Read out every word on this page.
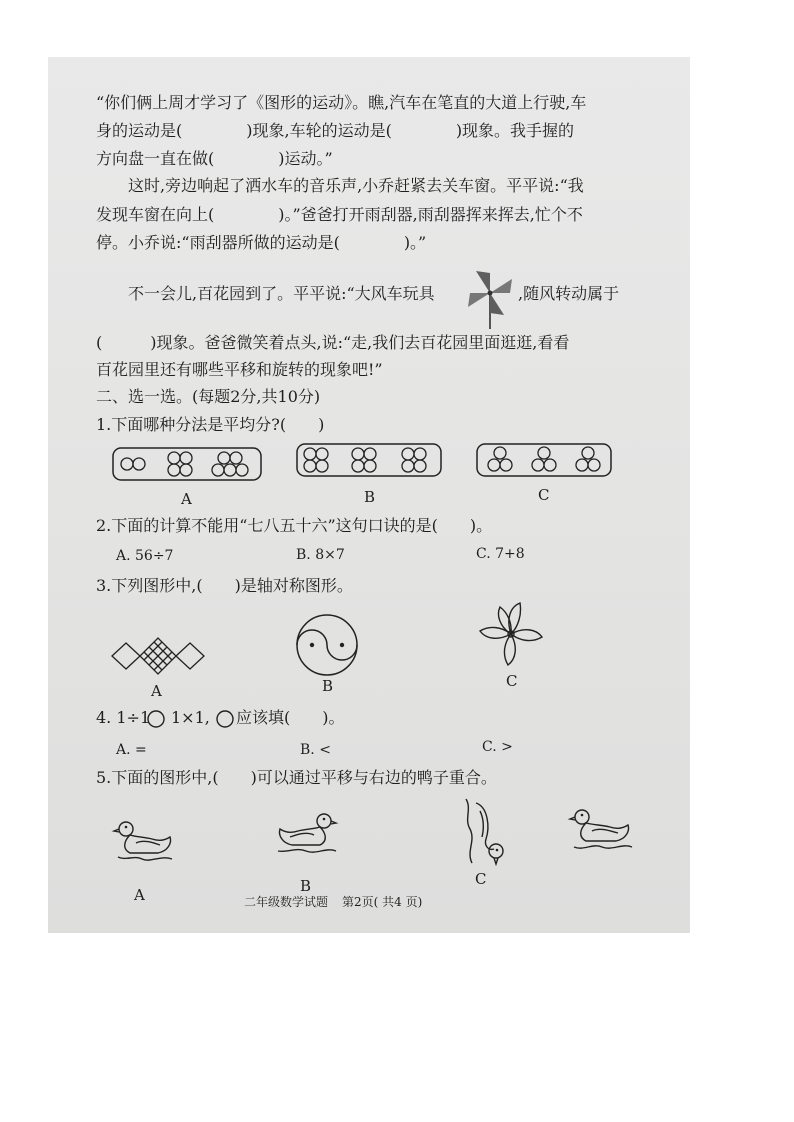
“你们俩上周才学习了《图形的运动》。瞧,汽车在笔直的大道上行驶,车
身的运动是(　　　　)现象,车轮的运动是(　　　　)现象。我手握的
方向盘一直在做(　　　　)运动。”
　　这时,旁边响起了洒水车的音乐声,小乔赶紧去关车窗。平平说:“我
发现车窗在向上(　　　　)。”爸爸打开雨刮器,雨刮器挥来挥去,忙个不
停。小乔说:“雨刮器所做的运动是(　　　　)。”
　　不一会儿,百花园到了。平平说:“大风车玩具	,随风转动属于
(　　　)现象。爸爸微笑着点头,说:“走,我们去百花园里面逛逛,看看
百花园里还有哪些平移和旋转的现象吧!”
二、选一选。(每题2分,共10分)
1.下面哪种分法是平均分?(　　)
A	B	C
2.下面的计算不能用“七八五十六”这句口诀的是(　　)。
A. 56÷7	B. 8×7	C. 7+8
3.下列图形中,(　　)是轴对称图形。
A	B	C
4. 1÷1 1×1, 应该填(　　)。
A. =	B. <	C. >
5.下面的图形中,(　　)可以通过平移与右边的鸭子重合。
A	B	C
二年级数学试题 第2页( 共4 页)
